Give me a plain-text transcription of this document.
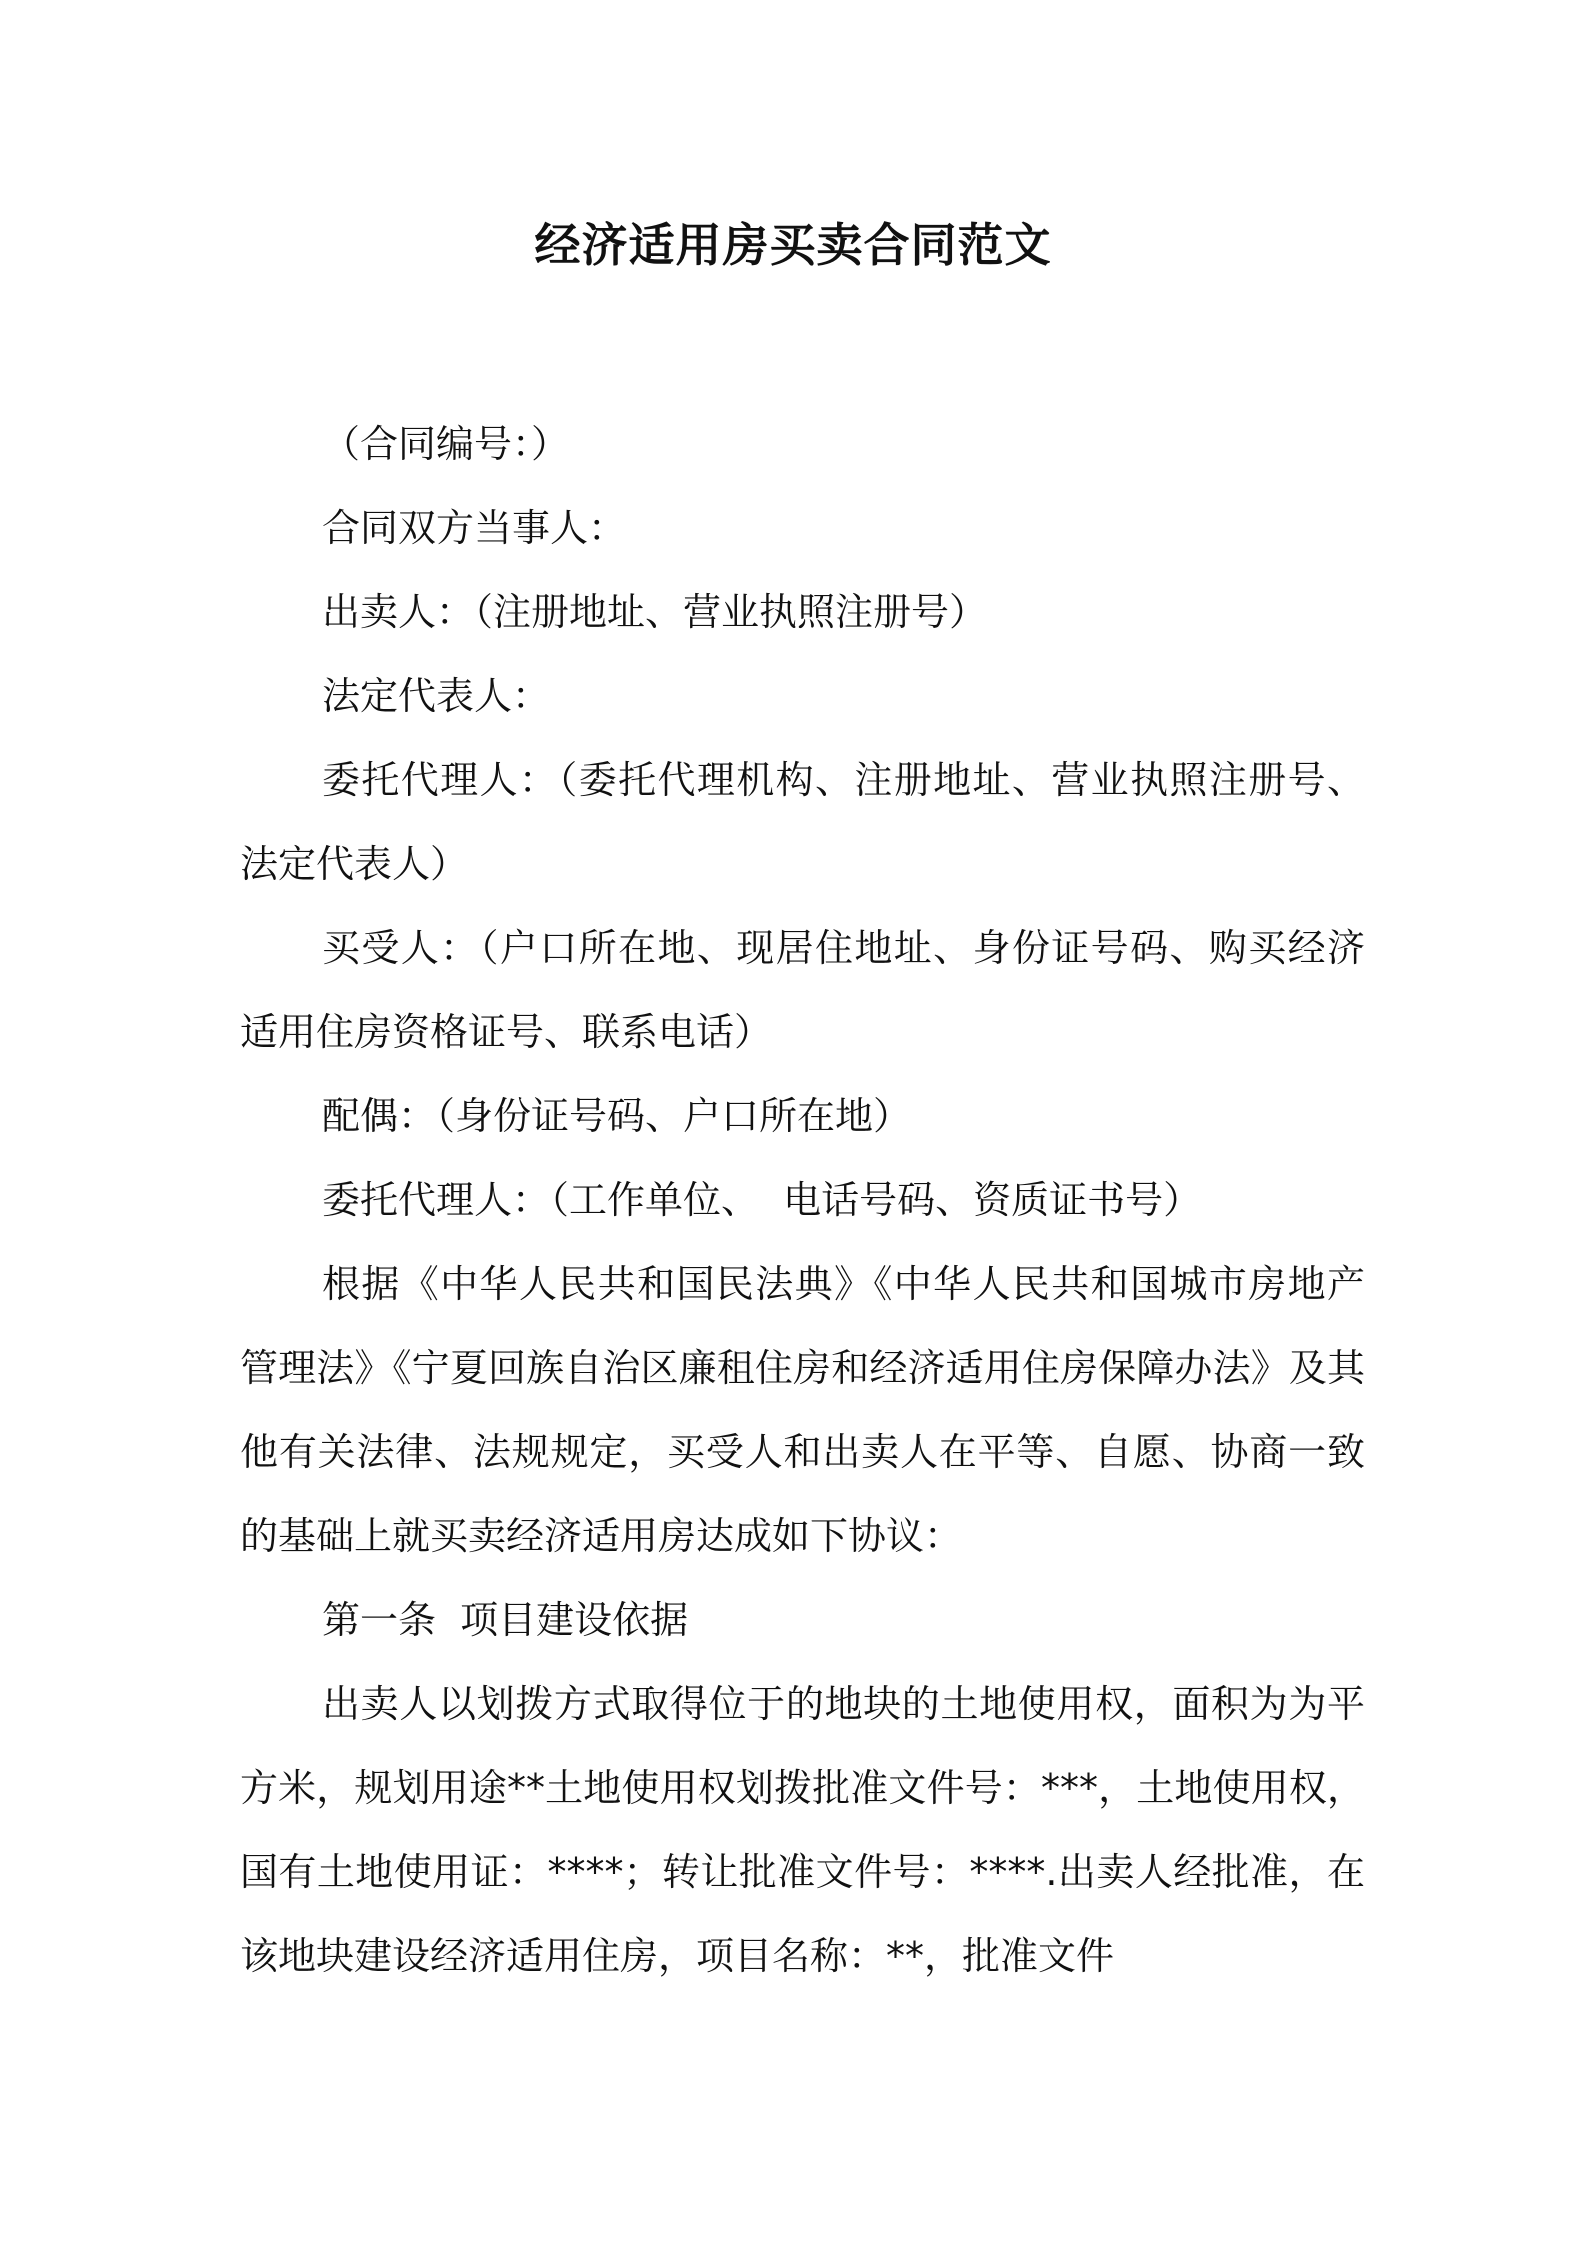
经济适用房买卖合同范文

（合同编号：）

合同双方当事人：

出卖人：（注册地址、营业执照注册号）

法定代表人：

委托代理人：（委托代理机构、注册地址、营业执照注册号、法定代表人）

买受人：（户口所在地、现居住地址、身份证号码、购买经济适用住房资格证号、联系电话）

配偶：（身份证号码、户口所在地）

委托代理人：（工作单位、  电话号码、资质证书号）

根据《中华人民共和国民法典》《中华人民共和国城市房地产管理法》《宁夏回族自治区廉租住房和经济适用住房保障办法》及其他有关法律、法规规定，买受人和出卖人在平等、自愿、协商一致的基础上就买卖经济适用房达成如下协议：

第一条  项目建设依据

出卖人以划拨方式取得位于的地块的土地使用权，面积为为平方米，规划用途**土地使用权划拨批准文件号：***，土地使用权，国有土地使用证：****；转让批准文件号：****.出卖人经批准，在该地块建设经济适用住房，项目名称：**，批准文件
